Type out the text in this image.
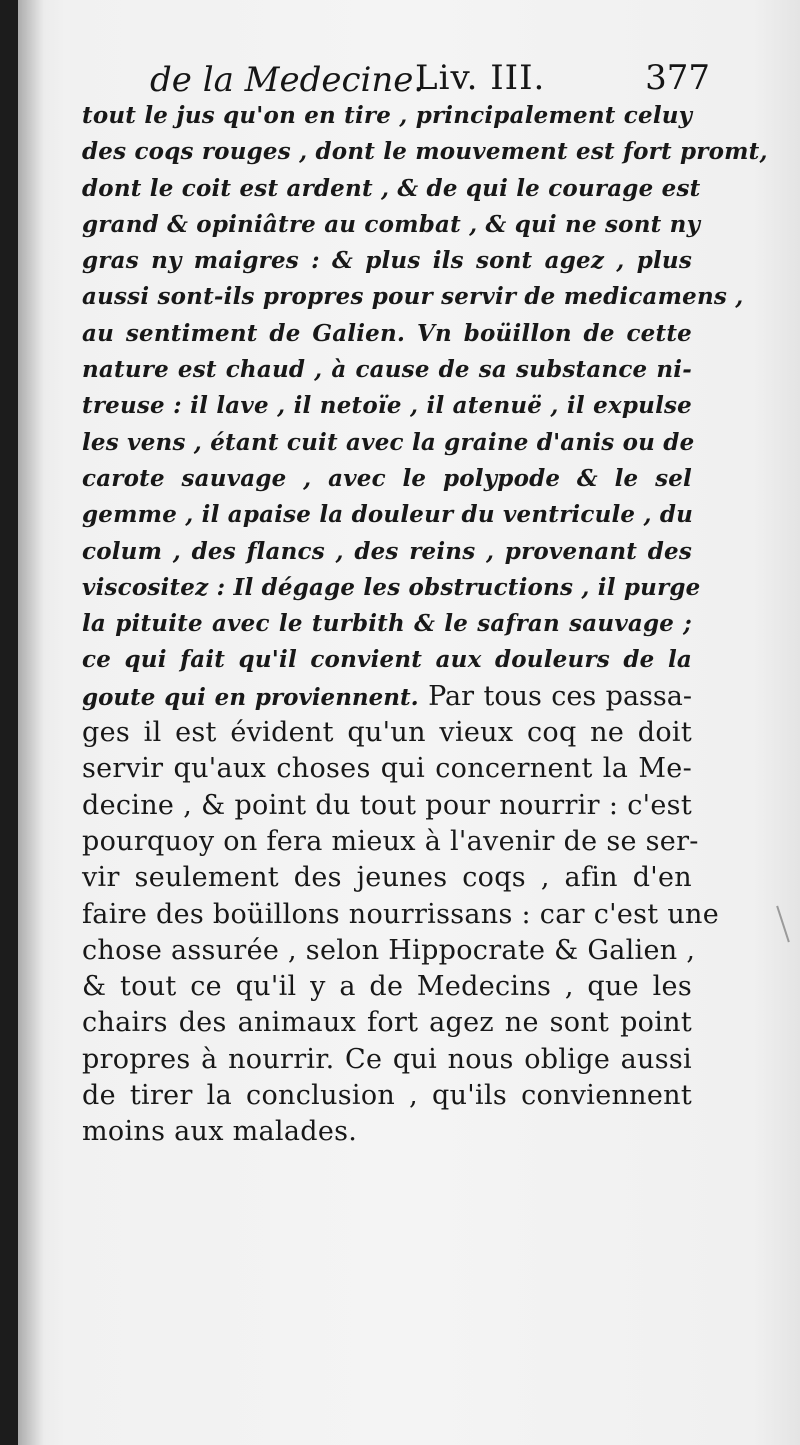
de la Medecine.
Liv. III.	377
tout le jus qu'on en tire , principalement celuy
des coqs rouges , dont le mouvement est fort promt,
dont le coit est ardent , & de qui le courage est
grand & opiniâtre au combat , & qui ne sont ny
gras ny maigres : & plus ils sont agez , plus
aussi sont-ils propres pour servir de medicamens ,
au sentiment de Galien. Vn boüillon de cette
nature est chaud , à cause de sa substance ni-
treuse : il lave , il netoïe , il atenuë , il expulse
les vens , étant cuit avec la graine d'anis ou de
carote sauvage , avec le polypode & le sel
gemme , il apaise la douleur du ventricule , du
colum , des flancs , des reins , provenant des
viscositez : Il dégage les obstructions , il purge
la pituite avec le turbith & le safran sauvage ;
ce qui fait qu'il convient aux douleurs de la
goute qui en proviennent. Par tous ces passa-
ges il est évident qu'un vieux coq ne doit
servir qu'aux choses qui concernent la Me-
decine , & point du tout pour nourrir : c'est
pourquoy on fera mieux à l'avenir de se ser-
vir seulement des jeunes coqs , afin d'en
faire des boüillons nourrissans : car c'est une
chose assurée , selon Hippocrate & Galien ,
& tout ce qu'il y a de Medecins , que les
chairs des animaux fort agez ne sont point
propres à nourrir. Ce qui nous oblige aussi
de tirer la conclusion , qu'ils conviennent
moins aux malades.
